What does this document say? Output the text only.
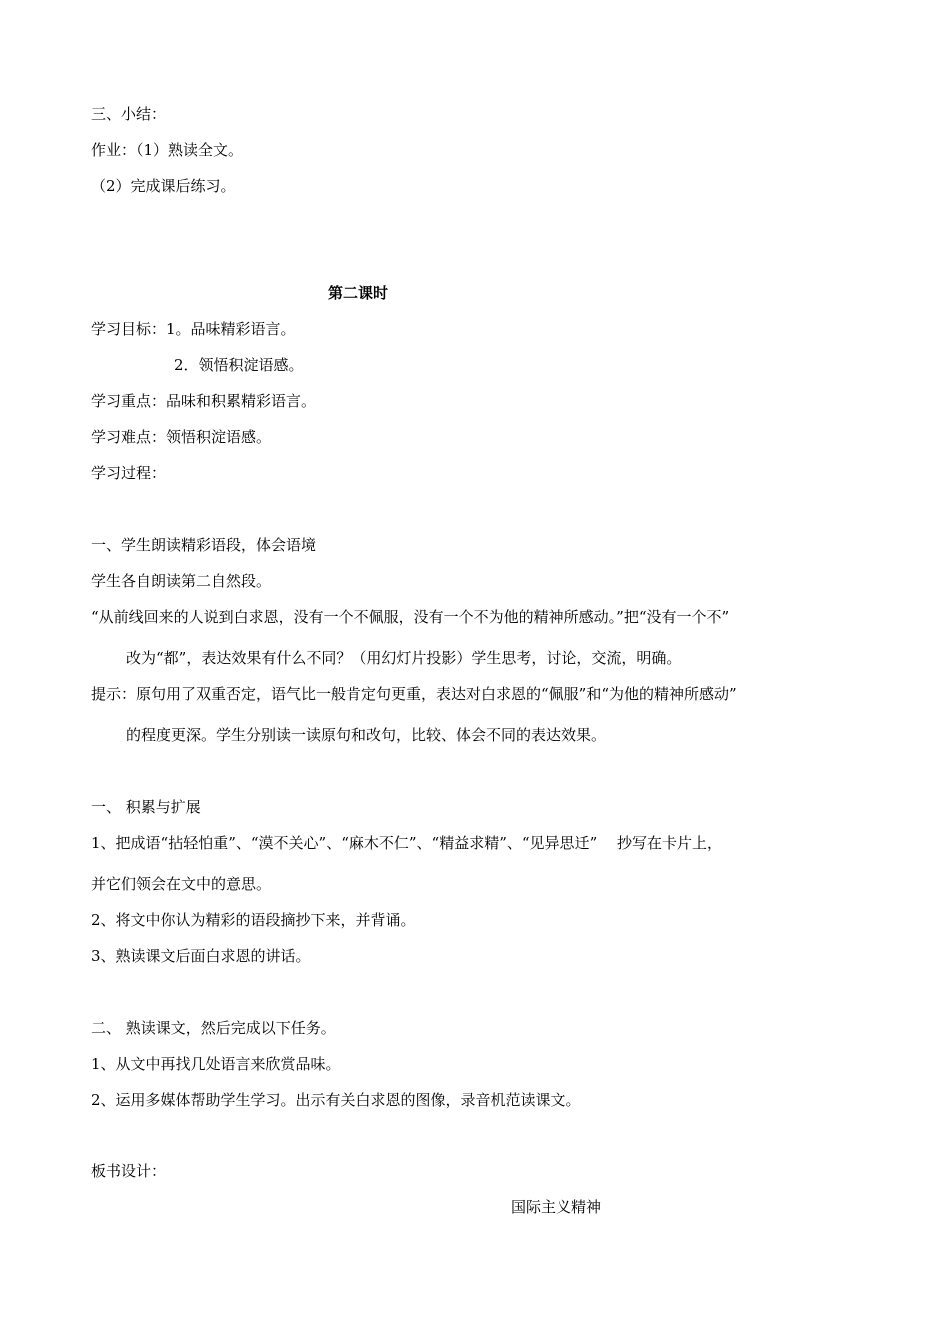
三、小结：
作业：（1）熟读全文。
（2）完成课后练习。
第二课时
学习目标：1。品味精彩语言。
2．领悟积淀语感。
学习重点：品味和积累精彩语言。
学习难点：领悟积淀语感。
学习过程：
一、学生朗读精彩语段，体会语境
学生各自朗读第二自然段。
“从前线回来的人说到白求恩，没有一个不佩服，没有一个不为他的精神所感动。”把“没有一个不”
改为“都”，表达效果有什么不同？（用幻灯片投影）学生思考，讨论，交流，明确。
提示：原句用了双重否定，语气比一般肯定句更重，表达对白求恩的“佩服”和“为他的精神所感动”
的程度更深。学生分别读一读原句和改句，比较、体会不同的表达效果。
一、 积累与扩展
1、把成语“拈轻怕重”、“漠不关心”、“麻木不仁”、“精益求精”、“见异思迁”　 抄写在卡片上，
并它们领会在文中的意思。
2、将文中你认为精彩的语段摘抄下来，并背诵。
3、熟读课文后面白求恩的讲话。
二、 熟读课文，然后完成以下任务。
1、从文中再找几处语言来欣赏品味。
2、运用多媒体帮助学生学习。出示有关白求恩的图像，录音机范读课文。
板书设计：
国际主义精神
